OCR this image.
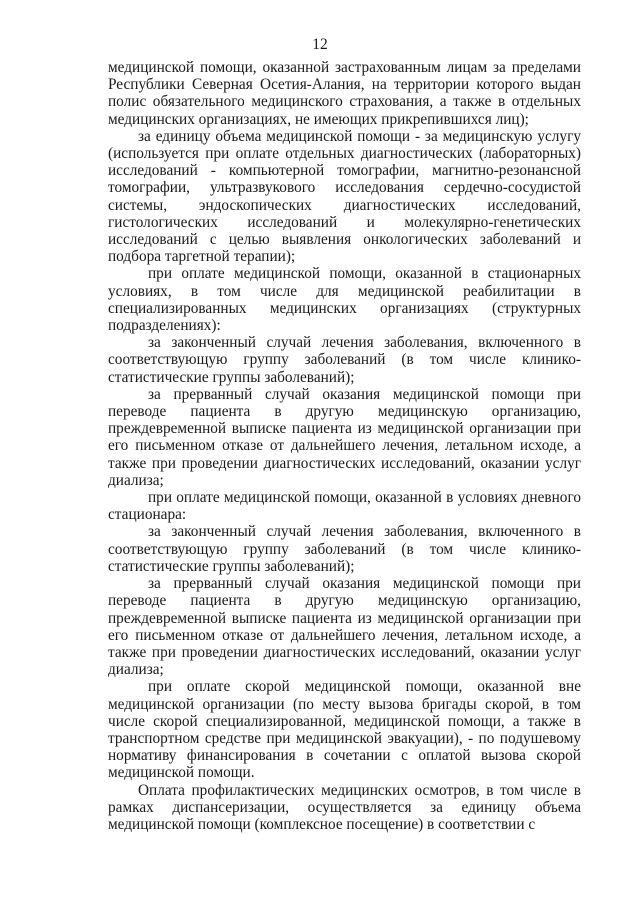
12

медицинской помощи, оказанной застрахованным лицам за пределами Республики Северная Осетия-Алания, на территории которого выдан полис обязательного медицинского страхования, а также в отдельных медицинских организациях, не имеющих прикрепившихся лиц);

за единицу объема медицинской помощи - за медицинскую услугу (используется при оплате отдельных диагностических (лабораторных) исследований - компьютерной томографии, магнитно-резонансной томографии, ультразвукового исследования сердечно-сосудистой системы, эндоскопических диагностических исследований, гистологических исследований и молекулярно-генетических исследований с целью выявления онкологических заболеваний и подбора таргетной терапии);

при оплате медицинской помощи, оказанной в стационарных условиях, в том числе для медицинской реабилитации в специализированных медицинских организациях (структурных подразделениях):

за законченный случай лечения заболевания, включенного в соответствующую группу заболеваний (в том числе клинико-статистические группы заболеваний);

за прерванный случай оказания медицинской помощи при переводе пациента в другую медицинскую организацию, преждевременной выписке пациента из медицинской организации при его письменном отказе от дальнейшего лечения, летальном исходе, а также при проведении диагностических исследований, оказании услуг диализа;

при оплате медицинской помощи, оказанной в условиях дневного стационара:

за законченный случай лечения заболевания, включенного в соответствующую группу заболеваний (в том числе клинико-статистические группы заболеваний);

за прерванный случай оказания медицинской помощи при переводе пациента в другую медицинскую организацию, преждевременной выписке пациента из медицинской организации при его письменном отказе от дальнейшего лечения, летальном исходе, а также при проведении диагностических исследований, оказании услуг диализа;

при оплате скорой медицинской помощи, оказанной вне медицинской организации (по месту вызова бригады скорой, в том числе скорой специализированной, медицинской помощи, а также в транспортном средстве при медицинской эвакуации), - по подушевому нормативу финансирования в сочетании с оплатой вызова скорой медицинской помощи.

Оплата профилактических медицинских осмотров, в том числе в рамках диспансеризации, осуществляется за единицу объема медицинской помощи (комплексное посещение) в соответствии с
